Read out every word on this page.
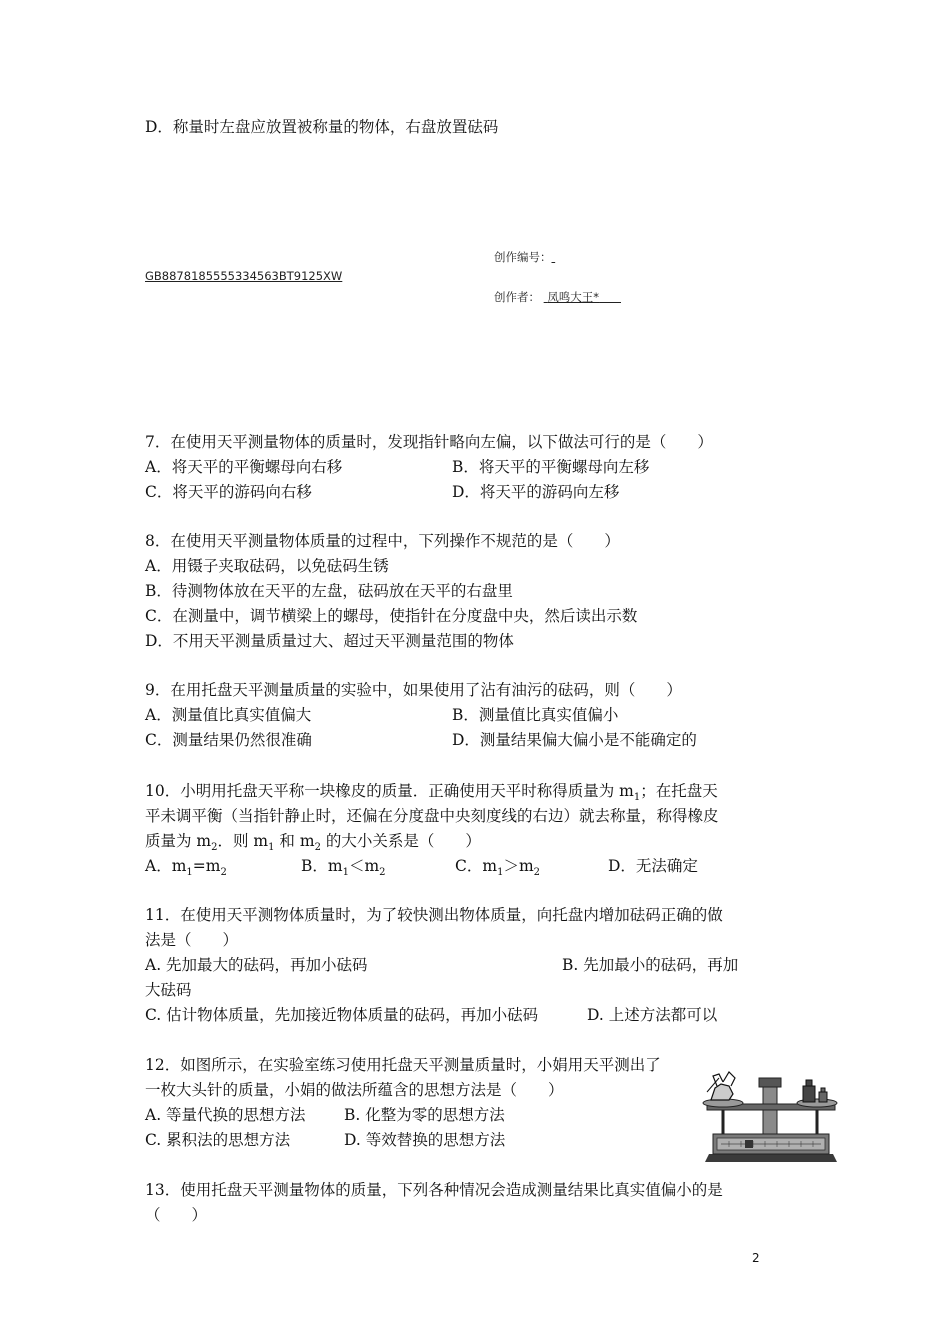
D．称量时左盘应放置被称量的物体，右盘放置砝码
创作编号：
GB8878185555334563BT9125XW
创作者： 凤鸣大王*
7．在使用天平测量物体的质量时，发现指针略向左偏，以下做法可行的是（　　）
A．将天平的平衡螺母向右移	B．将天平的平衡螺母向左移
C．将天平的游码向右移	D．将天平的游码向左移
8．在使用天平测量物体质量的过程中，下列操作不规范的是（　　）
A．用镊子夹取砝码，以免砝码生锈
B．待测物体放在天平的左盘，砝码放在天平的右盘里
C．在测量中，调节横梁上的螺母，使指针在分度盘中央，然后读出示数
D．不用天平测量质量过大、超过天平测量范围的物体
9．在用托盘天平测量质量的实验中，如果使用了沾有油污的砝码，则（　　）
A．测量值比真实值偏大	B．测量值比真实值偏小
C．测量结果仍然很准确	D．测量结果偏大偏小是不能确定的
10．小明用托盘天平称一块橡皮的质量．正确使用天平时称得质量为 $m_1$；在托盘天
平未调平衡（当指针静止时，还偏在分度盘中央刻度线的右边）就去称量，称得橡皮
质量为 $m_2$．则 $m_1$ 和 $m_2$ 的大小关系是（　　）
A．$m_1=m_2$	B．$m_1<m_2$	C．$m_1>m_2$	D．无法确定
11．在使用天平测物体质量时，为了较快测出物体质量，向托盘内增加砝码正确的做
法是（　　）
A. 先加最大的砝码，再加小砝码	B. 先加最小的砝码，再加
大砝码
C. 估计物体质量，先加接近物体质量的砝码，再加小砝码	D. 上述方法都可以
12．如图所示，在实验室练习使用托盘天平测量质量时，小娟用天平测出了
一枚大头针的质量，小娟的做法所蕴含的思想方法是（　　）
A. 等量代换的思想方法 B. 化整为零的思想方法
C. 累积法的思想方法	D. 等效替换的思想方法
13．使用托盘天平测量物体的质量，下列各种情况会造成测量结果比真实值偏小的是
（　　）
2
